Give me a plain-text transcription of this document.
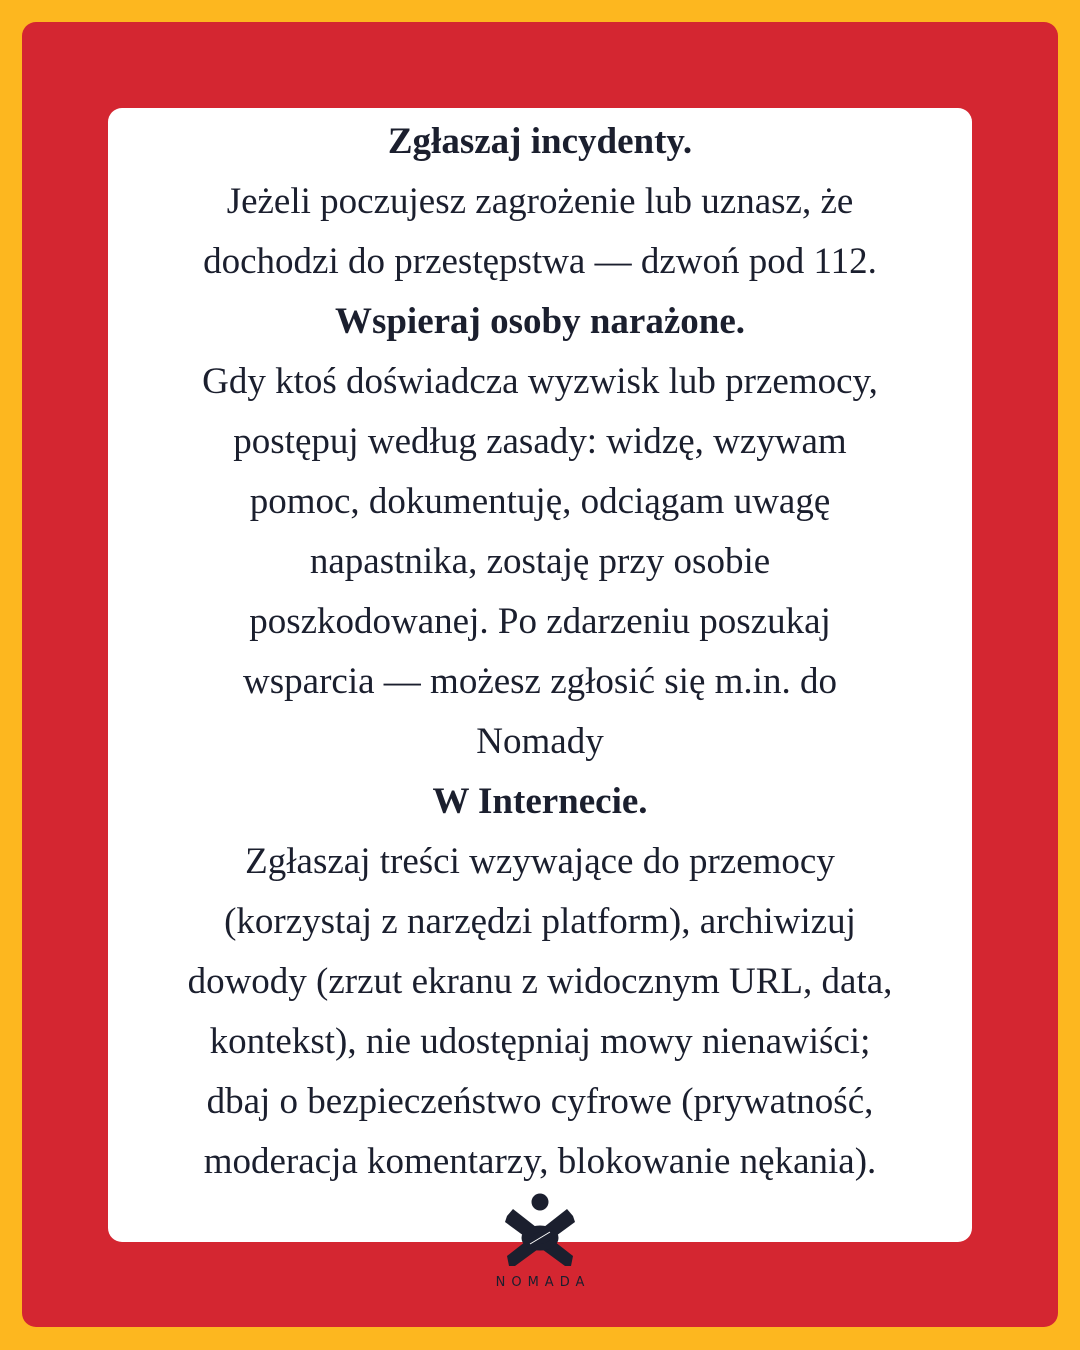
Zgłaszaj incydenty.
Jeżeli poczujesz zagrożenie lub uznasz, że
dochodzi do przestępstwa — dzwoń pod 112.
Wspieraj osoby narażone.
Gdy ktoś doświadcza wyzwisk lub przemocy,
postępuj według zasady: widzę, wzywam
pomoc, dokumentuję, odciągam uwagę
napastnika, zostaję przy osobie
poszkodowanej. Po zdarzeniu poszukaj
wsparcia — możesz zgłosić się m.in. do
Nomady
W Internecie.
Zgłaszaj treści wzywające do przemocy
(korzystaj z narzędzi platform), archiwizuj
dowody (zrzut ekranu z widocznym URL, data,
kontekst), nie udostępniaj mowy nienawiści;
dbaj o bezpieczeństwo cyfrowe (prywatność,
moderacja komentarzy, blokowanie nękania).
NOMADA
